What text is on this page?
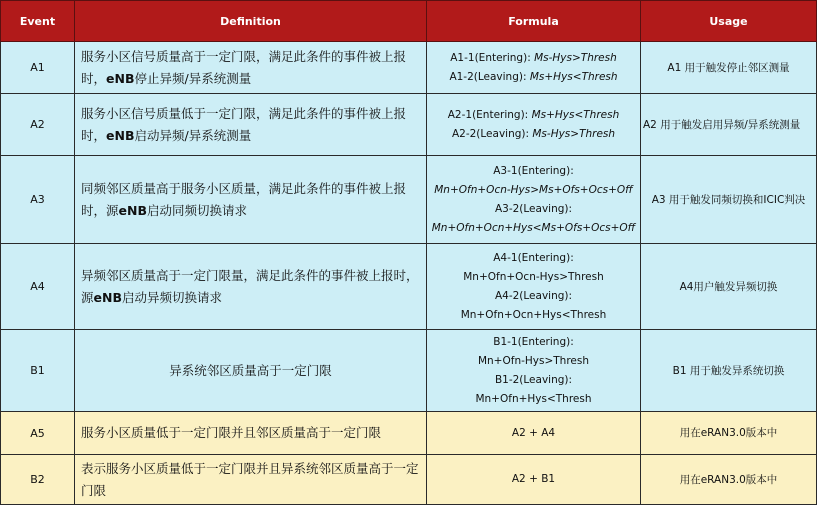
Event	Definition	Formula	Usage
A1	服务小区信号质量高于一定门限，满足此条件的事件被上报时，eNB停止异频/异系统测量	A1-1(Entering): Ms-Hys>Thresh
A1-2(Leaving): Ms+Hys<Thresh	A1 用于触发停止邻区测量
A2	服务小区信号质量低于一定门限，满足此条件的事件被上报时，eNB启动异频/异系统测量	A2-1(Entering): Ms+Hys<Thresh
A2-2(Leaving): Ms-Hys>Thresh	A2 用于触发启用异频/异系统测量
A3	同频邻区质量高于服务小区质量，满足此条件的事件被上报时，源eNB启动同频切换请求	A3-1(Entering):
Mn+Ofn+Ocn-Hys>Ms+Ofs+Ocs+Off
A3-2(Leaving):
Mn+Ofn+Ocn+Hys<Ms+Ofs+Ocs+Off	A3 用于触发同频切换和ICIC判决
A4	异频邻区质量高于一定门限量，满足此条件的事件被上报时，源eNB启动异频切换请求	A4-1(Entering):
Mn+Ofn+Ocn-Hys>Thresh
A4-2(Leaving):
Mn+Ofn+Ocn+Hys<Thresh	A4用户触发异频切换
B1	异系统邻区质量高于一定门限	B1-1(Entering):
Mn+Ofn-Hys>Thresh
B1-2(Leaving):
Mn+Ofn+Hys<Thresh	B1 用于触发异系统切换
A5	服务小区质量低于一定门限并且邻区质量高于一定门限	A2 + A4	用在eRAN3.0版本中
B2	表示服务小区质量低于一定门限并且异系统邻区质量高于一定门限	A2 + B1	用在eRAN3.0版本中
